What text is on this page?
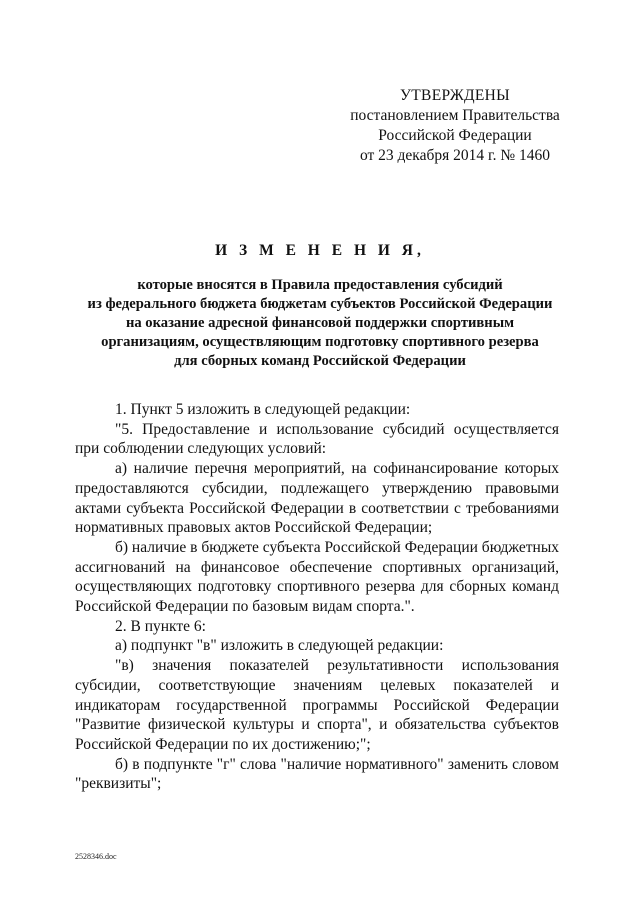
УТВЕРЖДЕНЫ
постановлением Правительства
Российской Федерации
от 23 декабря 2014 г. № 1460
И З М Е Н Е Н И Я,
которые вносятся в Правила предоставления субсидий
из федерального бюджета бюджетам субъектов Российской Федерации
на оказание адресной финансовой поддержки спортивным
организациям, осуществляющим подготовку спортивного резерва
для сборных команд Российской Федерации

1. Пункт 5 изложить в следующей редакции:

"5. Предоставление и использование субсидий осуществляется при соблюдении следующих условий:

а) наличие перечня мероприятий, на софинансирование которых предоставляются субсидии, подлежащего утверждению правовыми актами субъекта Российской Федерации в соответствии с требованиями нормативных правовых актов Российской Федерации;

б) наличие в бюджете субъекта Российской Федерации бюджетных ассигнований на финансовое обеспечение спортивных организаций, осуществляющих подготовку спортивного резерва для сборных команд Российской Федерации по базовым видам спорта.".

2. В пункте 6:

а) подпункт "в" изложить в следующей редакции:

"в) значения показателей результативности использования субсидии, соответствующие значениям целевых показателей и индикаторам государственной программы Российской Федерации "Развитие физической культуры и спорта", и обязательства субъектов Российской Федерации по их достижению;";

б) в подпункте "г" слова "наличие нормативного" заменить словом "реквизиты";

2528346.doc
